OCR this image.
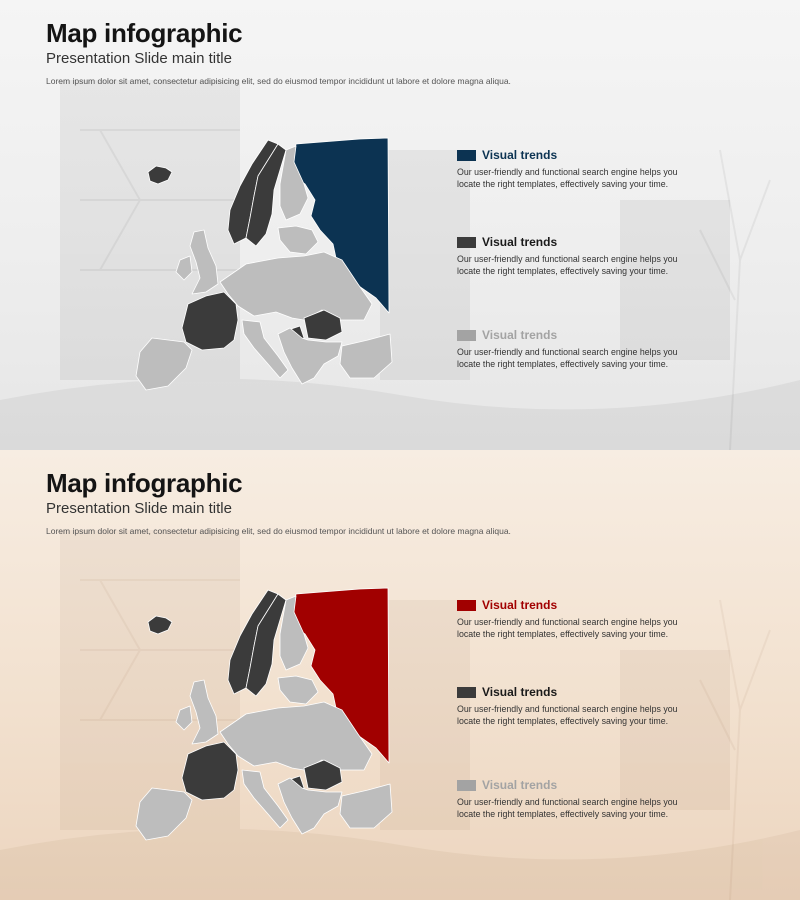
Map infographic
Presentation Slide main title
Lorem ipsum dolor sit amet, consectetur adipisicing elit, sed do eiusmod tempor incididunt ut labore et dolore magna aliqua.
Visual trends
Our user-friendly and functional search engine helps you locate the right templates, effectively saving your time.
Visual trends
Our user-friendly and functional search engine helps you locate the right templates, effectively saving your time.
Visual trends
Our user-friendly and functional search engine helps you locate the right templates, effectively saving your time.
Map infographic
Presentation Slide main title
Lorem ipsum dolor sit amet, consectetur adipisicing elit, sed do eiusmod tempor incididunt ut labore et dolore magna aliqua.
Visual trends
Our user-friendly and functional search engine helps you locate the right templates, effectively saving your time.
Visual trends
Our user-friendly and functional search engine helps you locate the right templates, effectively saving your time.
Visual trends
Our user-friendly and functional search engine helps you locate the right templates, effectively saving your time.
